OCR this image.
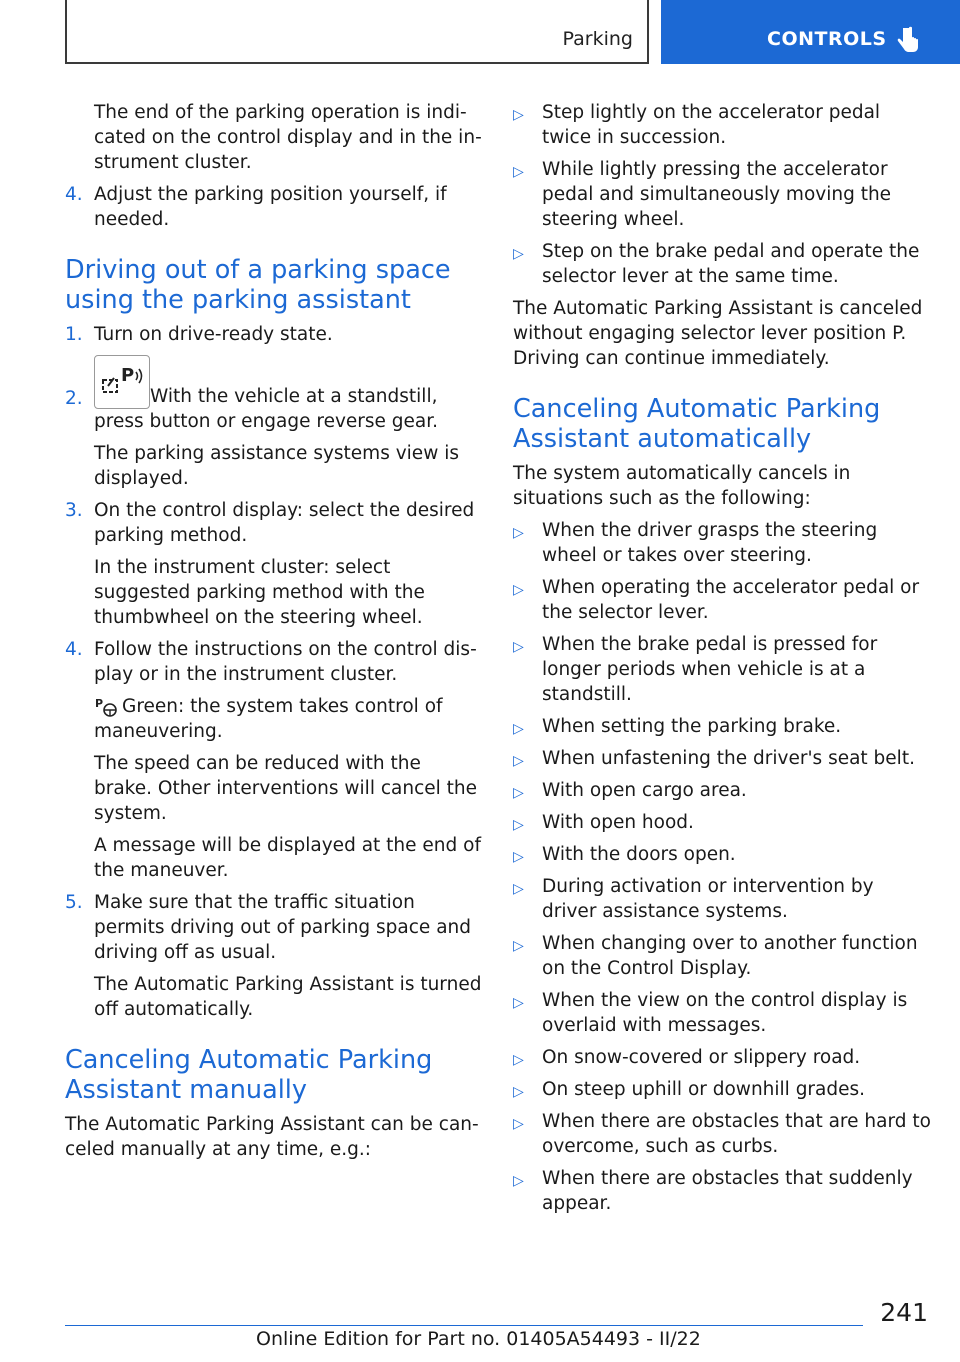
Parking	CONTROLS

The end of the parking operation is indicated on the control display and in the instrument cluster.

4. Adjust the parking position yourself, if needed.
Driving out of a parking space using the parking assistant
1. Turn on drive-ready state.
2.
P
With the vehicle at a standstill, press button or engage reverse gear.

The parking assistance systems view is displayed.

3. On the control display: select the desired parking method.

In the instrument cluster: select suggested parking method with the thumbwheel on the steering wheel.

4. Follow the instructions on the control display or in the instrument cluster.

P Green: the system takes control of maneuvering.

The speed can be reduced with the brake. Other interventions will cancel the system.

A message will be displayed at the end of the maneuver.

5. Make sure that the traffic situation permits driving out of parking space and driving off as usual.

The Automatic Parking Assistant is turned off automatically.

Canceling Automatic Parking Assistant manually

The Automatic Parking Assistant can be canceled manually at any time, e.g.:

▷ Step lightly on the accelerator pedal twice in succession.
▷ While lightly pressing the accelerator pedal and simultaneously moving the steering wheel.
▷ Step on the brake pedal and operate the selector lever at the same time.

The Automatic Parking Assistant is canceled without engaging selector lever position P. Driving can continue immediately.

Canceling Automatic Parking Assistant automatically

The system automatically cancels in situations such as the following:

▷ When the driver grasps the steering wheel or takes over steering.
▷ When operating the accelerator pedal or the selector lever.
▷ When the brake pedal is pressed for longer periods when vehicle is at a standstill.
▷ When setting the parking brake.
▷ When unfastening the driver's seat belt.
▷ With open cargo area.
▷ With open hood.
▷ With the doors open.
▷ During activation or intervention by driver assistance systems.
▷ When changing over to another function on the Control Display.
▷ When the view on the control display is overlaid with messages.
▷ On snow-covered or slippery road.
▷ On steep uphill or downhill grades.
▷ When there are obstacles that are hard to overcome, such as curbs.
▷ When there are obstacles that suddenly appear.
241
Online Edition for Part no. 01405A54493 - II/22
